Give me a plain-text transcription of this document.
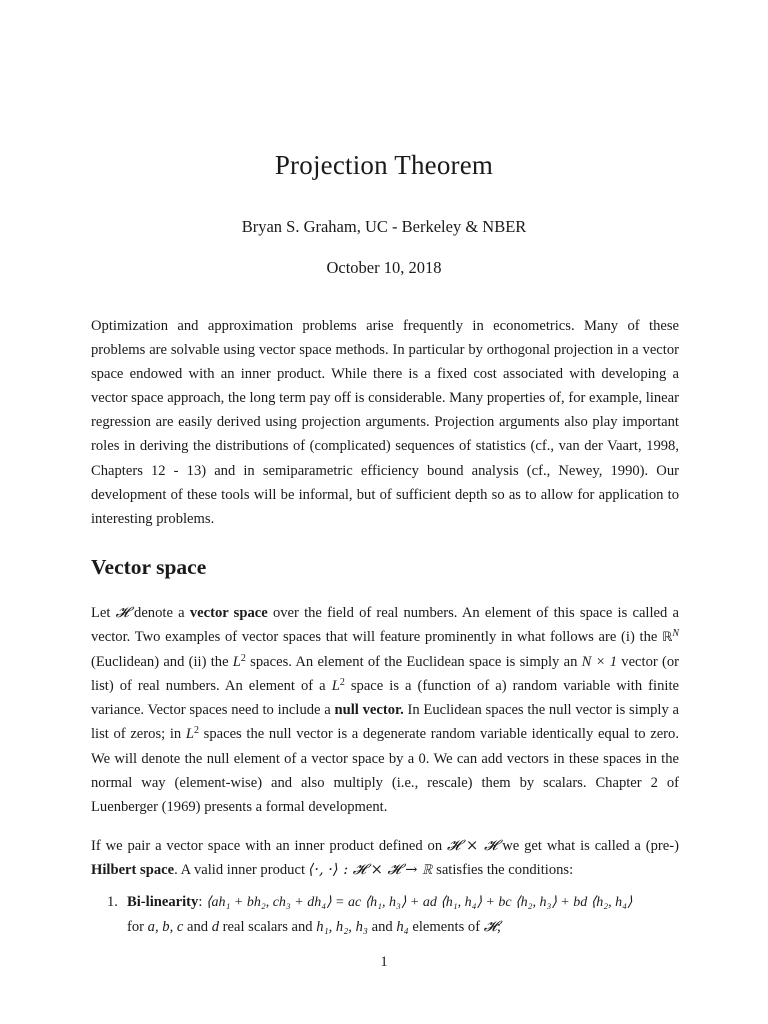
Projection Theorem
Bryan S. Graham, UC - Berkeley & NBER
October 10, 2018
Optimization and approximation problems arise frequently in econometrics. Many of these problems are solvable using vector space methods. In particular by orthogonal projection in a vector space endowed with an inner product. While there is a fixed cost associated with developing a vector space approach, the long term pay off is considerable. Many properties of, for example, linear regression are easily derived using projection arguments. Projection arguments also play important roles in deriving the distributions of (complicated) sequences of statistics (cf., van der Vaart, 1998, Chapters 12 - 13) and in semiparametric efficiency bound analysis (cf., Newey, 1990). Our development of these tools will be informal, but of sufficient depth so as to allow for application to interesting problems.
Vector space
Let 𝓗 denote a vector space over the field of real numbers. An element of this space is called a vector. Two examples of vector spaces that will feature prominently in what follows are (i) the ℝ$^N$ (Euclidean) and (ii) the $L^2$ spaces. An element of the Euclidean space is simply an N × 1 vector (or list) of real numbers. An element of a $L^2$ space is a (function of a) random variable with finite variance. Vector spaces need to include a null vector. In Euclidean spaces the null vector is simply a list of zeros; in $L^2$ spaces the null vector is a degenerate random variable identically equal to zero. We will denote the null element of a vector space by a 0. We can add vectors in these spaces in the normal way (element-wise) and also multiply (i.e., rescale) them by scalars. Chapter 2 of Luenberger (1969) presents a formal development.
If we pair a vector space with an inner product defined on 𝓗 × 𝓗 we get what is called a (pre-) Hilbert space. A valid inner product ⟨·, ·⟩ : 𝓗 × 𝓗 → ℝ satisfies the conditions:
1. Bi-linearity: ⟨ah₁ + bh₂, ch₃ + dh₄⟩ = ac ⟨h₁, h₃⟩ + ad ⟨h₁, h₄⟩ + bc ⟨h₂, h₃⟩ + bd ⟨h₂, h₄⟩
for a, b, c and d real scalars and h₁, h₂, h₃ and h₄ elements of 𝓗;
1
